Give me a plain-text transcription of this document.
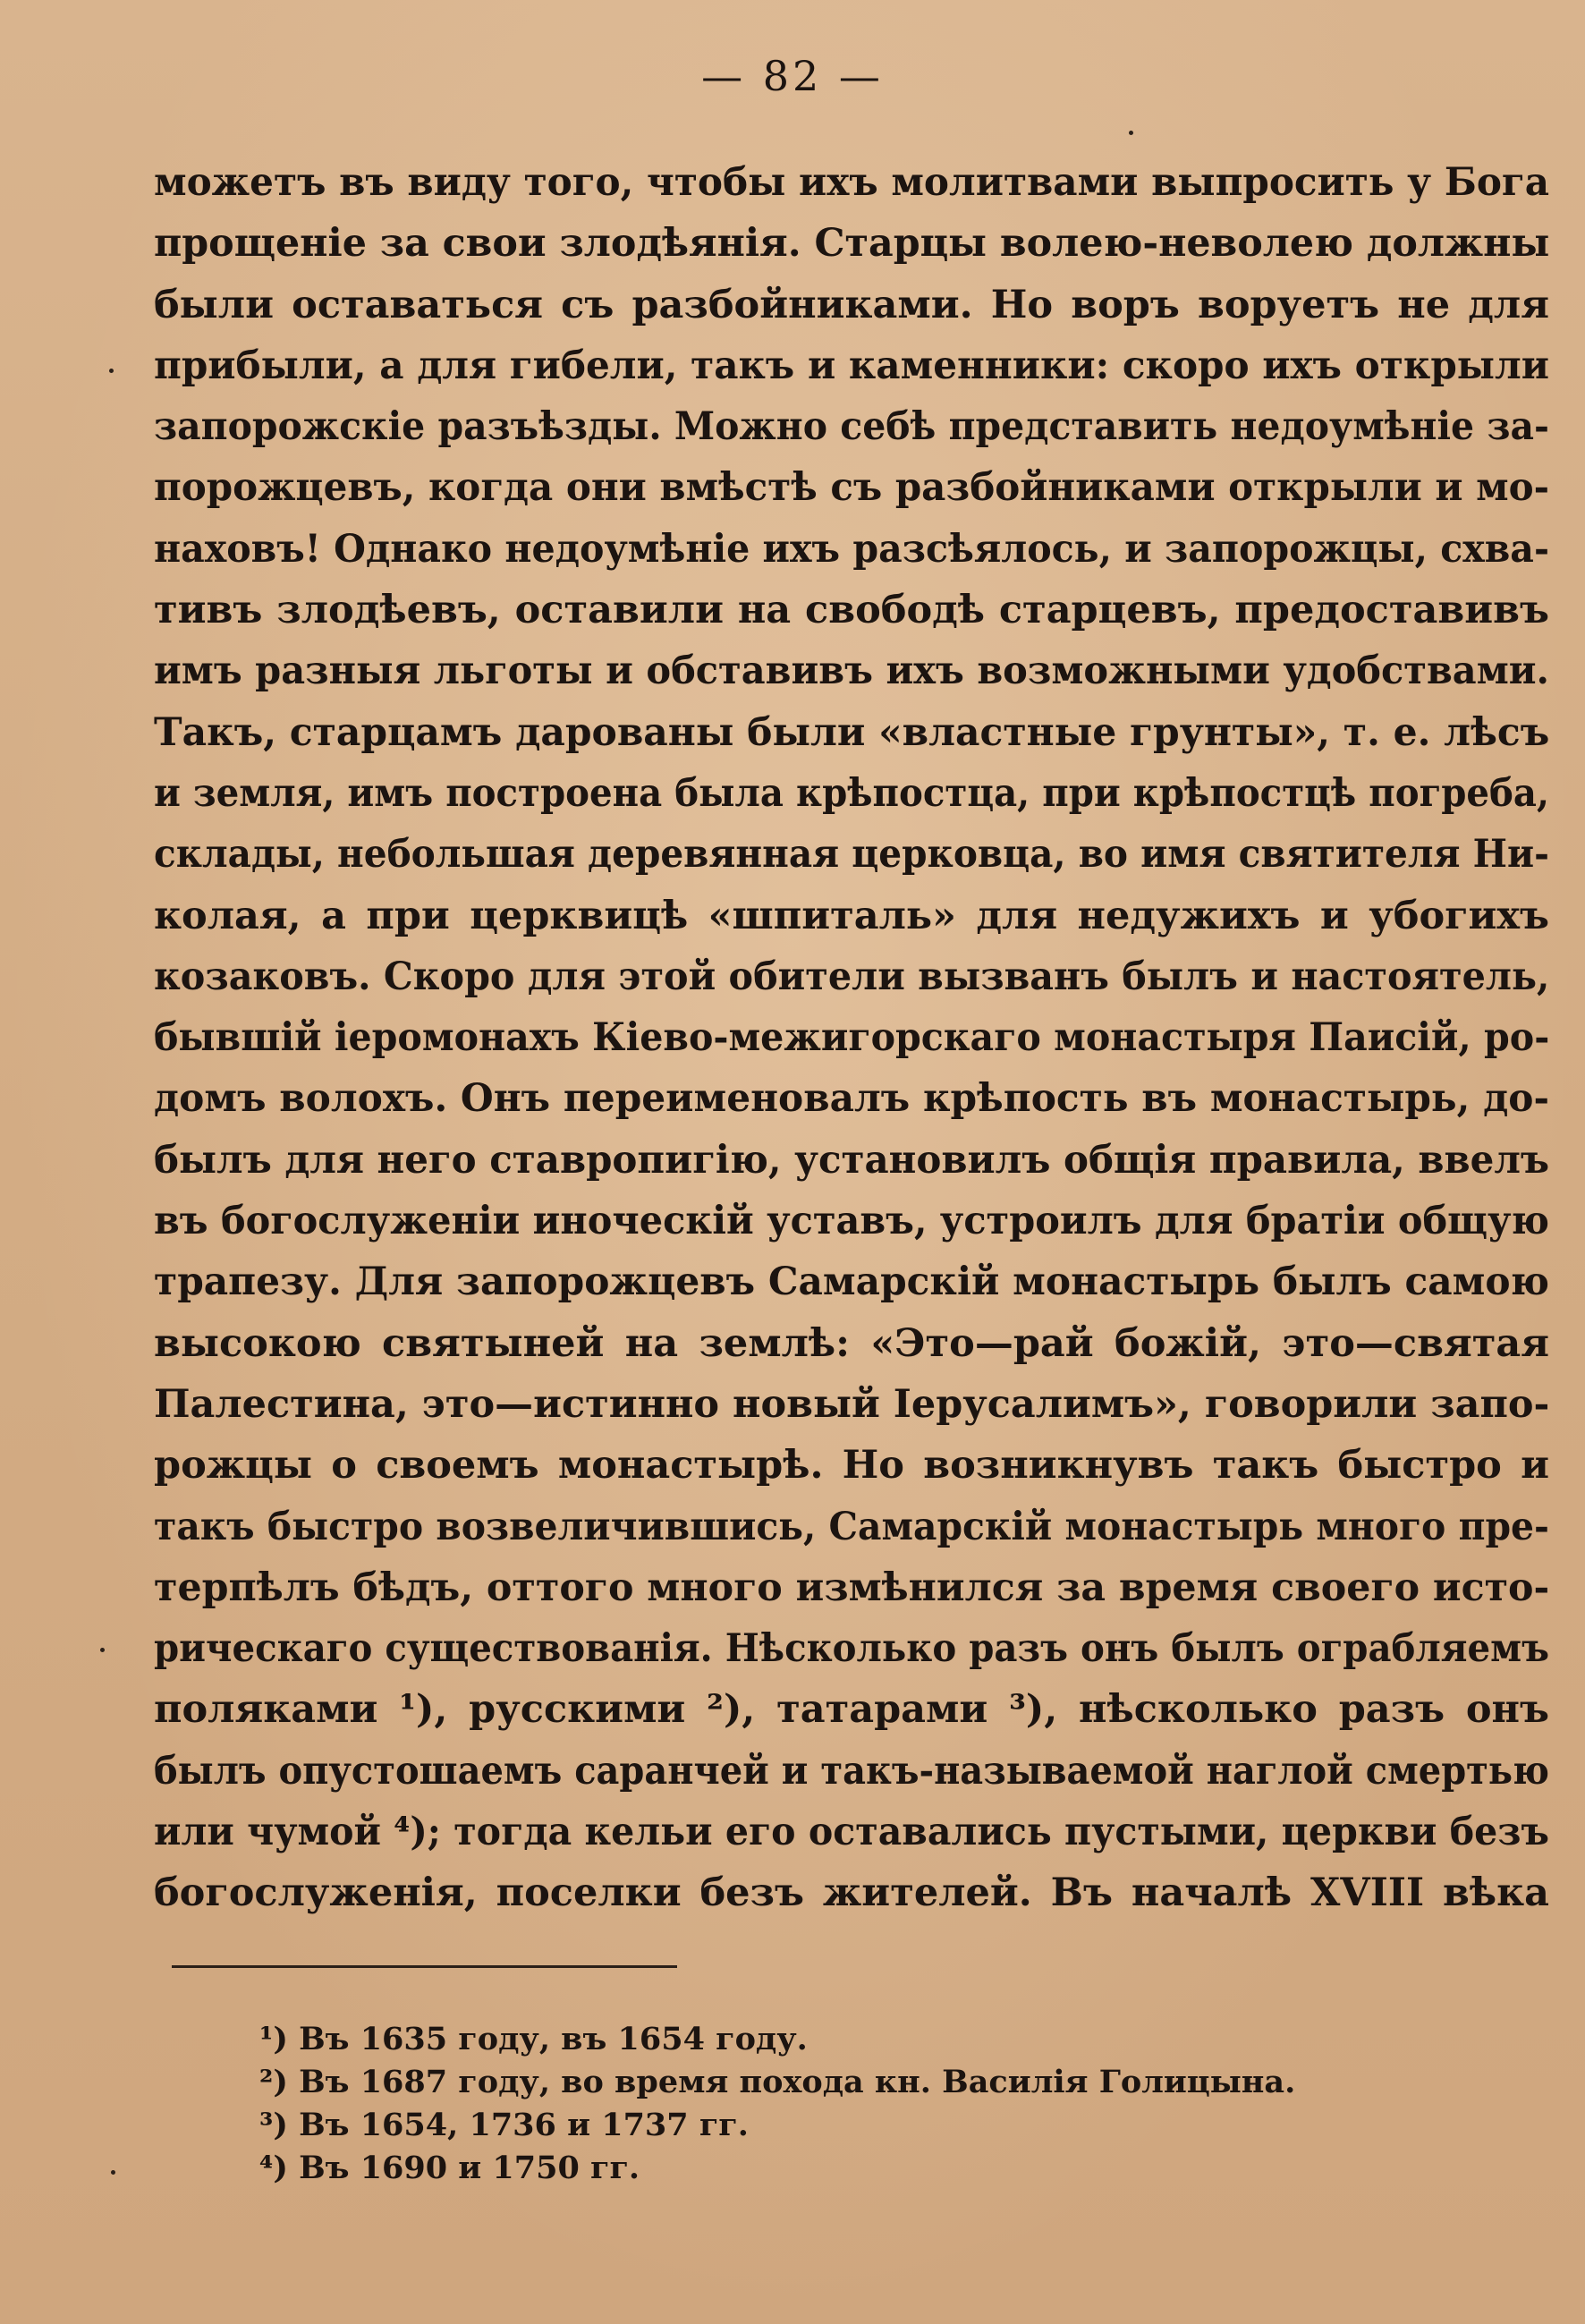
— 82 —
можетъ въ виду того, чтобы ихъ молитвами выпросить у Бога
прощеніе за свои злодѣянія. Старцы волею-неволею должны
были оставаться съ разбойниками. Но воръ воруетъ не для
прибыли, а для гибели, такъ и каменники: скоро ихъ открыли
запорожскіе разъѣзды. Можно себѣ представить недоумѣніе за-
порожцевъ, когда они вмѣстѣ съ разбойниками открыли и мо-
наховъ! Однако недоумѣніе ихъ разсѣялось, и запорожцы, схва-
тивъ злодѣевъ, оставили на свободѣ старцевъ, предоставивъ
имъ разныя льготы и обставивъ ихъ возможными удобствами.
Такъ, старцамъ дарованы были «властные грунты», т. е. лѣсъ
и земля, имъ построена была крѣпостца, при крѣпостцѣ погреба,
склады, небольшая деревянная церковца, во имя святителя Ни-
колая, а при церквицѣ «шпиталь» для недужихъ и убогихъ
козаковъ. Скоро для этой обители вызванъ былъ и настоятель,
бывшій іеромонахъ Кіево-межигорскаго монастыря Паисій, ро-
домъ волохъ. Онъ переименовалъ крѣпость въ монастырь, до-
былъ для него ставропигію, установилъ общія правила, ввелъ
въ богослуженіи иноческій уставъ, устроилъ для братіи общую
трапезу. Для запорожцевъ Самарскій монастырь былъ самою
высокою святыней на землѣ: «Это—рай божій, это—святая
Палестина, это—истинно новый Іерусалимъ», говорили запо-
рожцы о своемъ монастырѣ. Но возникнувъ такъ быстро и
такъ быстро возвеличившись, Самарскій монастырь много пре-
терпѣлъ бѣдъ, оттого много измѣнился за время своего исто-
рическаго существованія. Нѣсколько разъ онъ былъ ограбляемъ
поляками ¹), русскими ²), татарами ³), нѣсколько разъ онъ
былъ опустошаемъ саранчей и такъ-называемой наглой смертью
или чумой ⁴); тогда кельи его оставались пустыми, церкви безъ
богослуженія, поселки безъ жителей. Въ началѣ XVIII вѣка
¹) Въ 1635 году, въ 1654 году.
²) Въ 1687 году, во время похода кн. Василія Голицына.
³) Въ 1654, 1736 и 1737 гг.
⁴) Въ 1690 и 1750 гг.
